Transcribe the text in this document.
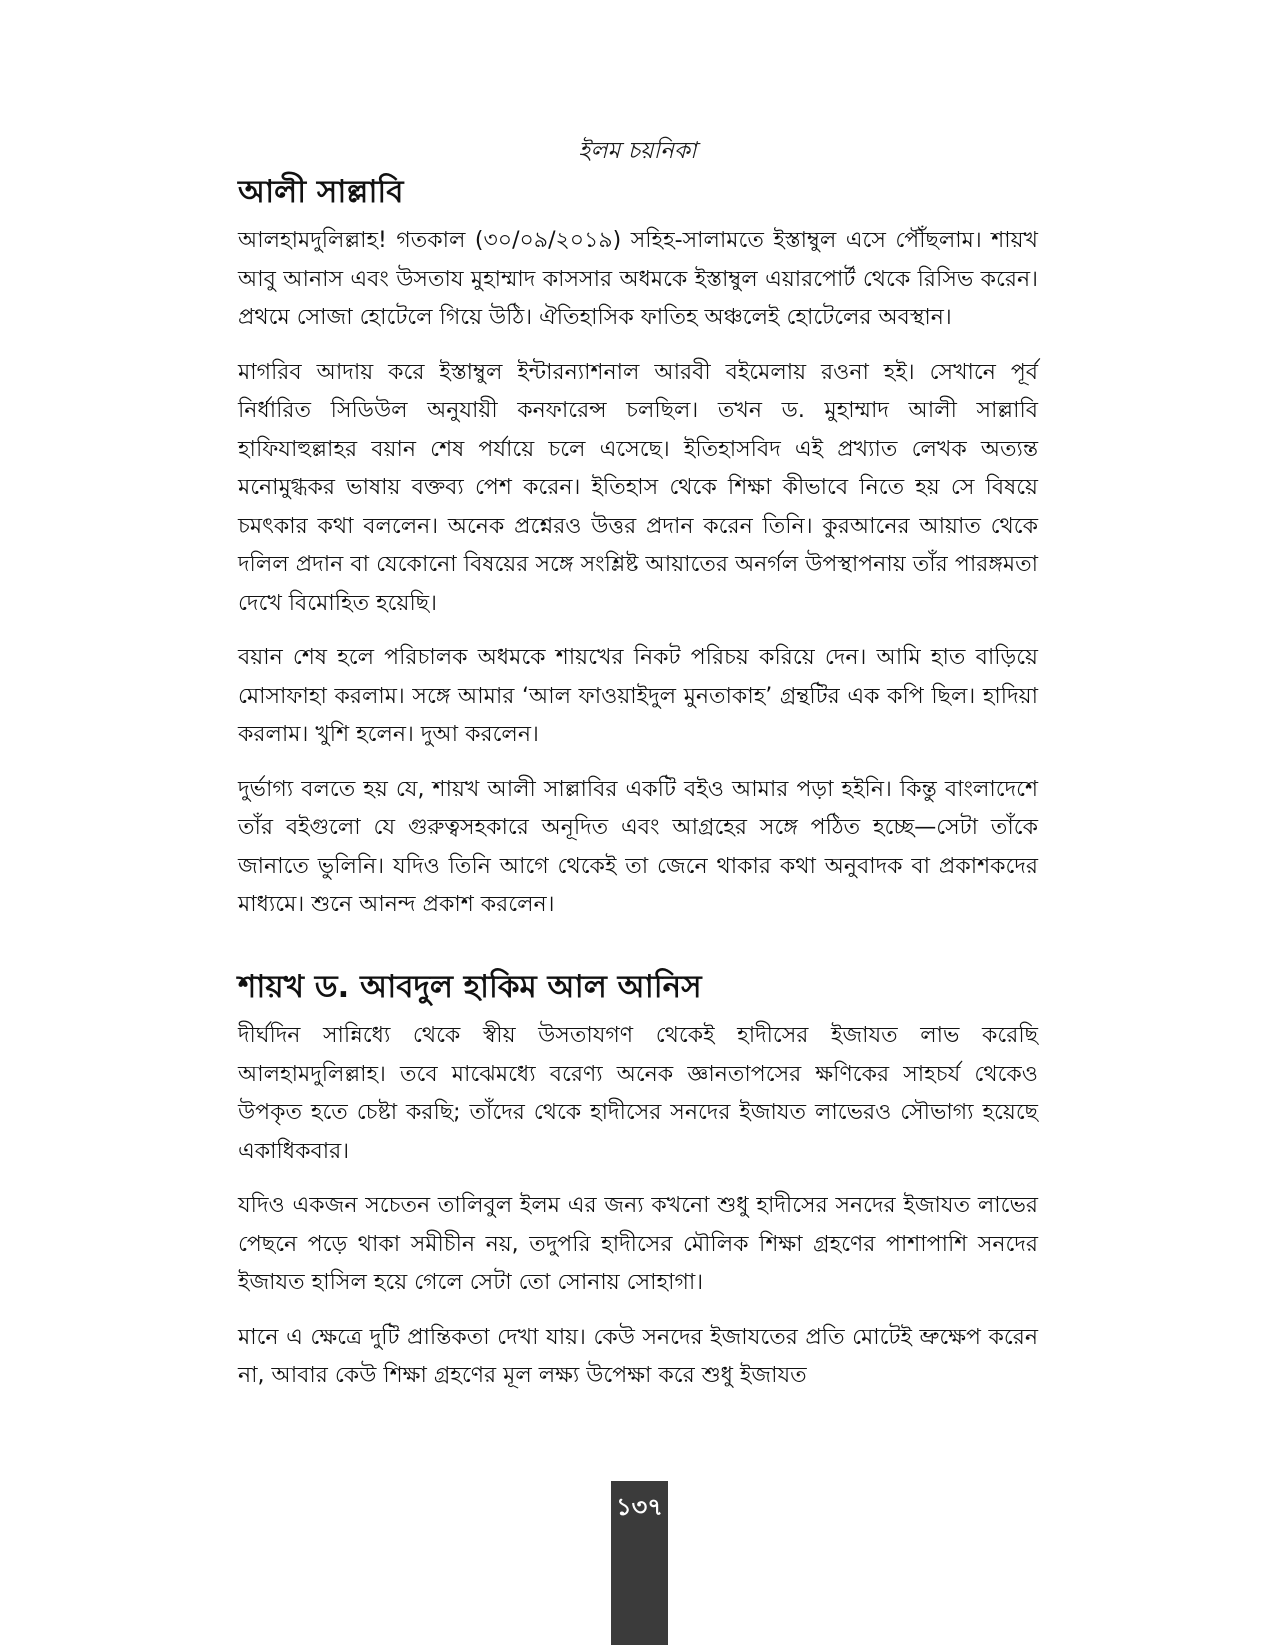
ইলম চয়নিকা
আলী সাল্লাবি

আলহামদুলিল্লাহ! গতকাল (৩০/০৯/২০১৯) সহিহ-সালামতে ইস্তাম্বুল এসে পৌঁছলাম। শায়খ আবু আনাস এবং উসতায মুহাম্মাদ কাসসার অধমকে ইস্তাম্বুল এয়ারপোর্ট থেকে রিসিভ করেন। প্রথমে সোজা হোটেলে গিয়ে উঠি। ঐতিহাসিক ফাতিহ অঞ্চলেই হোটেলের অবস্থান।

মাগরিব আদায় করে ইস্তাম্বুল ইন্টারন্যাশনাল আরবী বইমেলায় রওনা হই। সেখানে পূর্ব নির্ধারিত সিডিউল অনুযায়ী কনফারেন্স চলছিল। তখন ড. মুহাম্মাদ আলী সাল্লাবি হাফিযাহুল্লাহর বয়ান শেষ পর্যায়ে চলে এসেছে। ইতিহাসবিদ এই প্রখ্যাত লেখক অত্যন্ত মনোমুগ্ধকর ভাষায় বক্তব্য পেশ করেন। ইতিহাস থেকে শিক্ষা কীভাবে নিতে হয় সে বিষয়ে চমৎকার কথা বললেন। অনেক প্রশ্নেরও উত্তর প্রদান করেন তিনি। কুরআনের আয়াত থেকে দলিল প্রদান বা যেকোনো বিষয়ের সঙ্গে সংশ্লিষ্ট আয়াতের অনর্গল উপস্থাপনায় তাঁর পারঙ্গমতা দেখে বিমোহিত হয়েছি।

বয়ান শেষ হলে পরিচালক অধমকে শায়খের নিকট পরিচয় করিয়ে দেন। আমি হাত বাড়িয়ে মোসাফাহা করলাম। সঙ্গে আমার ‘আল ফাওয়াইদুল মুনতাকাহ’ গ্রন্থটির এক কপি ছিল। হাদিয়া করলাম। খুশি হলেন। দুআ করলেন।

দুর্ভাগ্য বলতে হয় যে, শায়খ আলী সাল্লাবির একটি বইও আমার পড়া হইনি। কিন্তু বাংলাদেশে তাঁর বইগুলো যে গুরুত্বসহকারে অনূদিত এবং আগ্রহের সঙ্গে পঠিত হচ্ছে—সেটা তাঁকে জানাতে ভুলিনি। যদিও তিনি আগে থেকেই তা জেনে থাকার কথা অনুবাদক বা প্রকাশকদের মাধ্যমে। শুনে আনন্দ প্রকাশ করলেন।

শায়খ ড. আবদুল হাকিম আল আনিস

দীর্ঘদিন সান্নিধ্যে থেকে স্বীয় উসতাযগণ থেকেই হাদীসের ইজাযত লাভ করেছি আলহামদুলিল্লাহ। তবে মাঝেমধ্যে বরেণ্য অনেক জ্ঞানতাপসের ক্ষণিকের সাহচর্য থেকেও উপকৃত হতে চেষ্টা করছি; তাঁদের থেকে হাদীসের সনদের ইজাযত লাভেরও সৌভাগ্য হয়েছে একাধিকবার।

যদিও একজন সচেতন তালিবুল ইলম এর জন্য কখনো শুধু হাদীসের সনদের ইজাযত লাভের পেছনে পড়ে থাকা সমীচীন নয়, তদুপরি হাদীসের মৌলিক শিক্ষা গ্রহণের পাশাপাশি সনদের ইজাযত হাসিল হয়ে গেলে সেটা তো সোনায় সোহাগা।

মানে এ ক্ষেত্রে দুটি প্রান্তিকতা দেখা যায়। কেউ সনদের ইজাযতের প্রতি মোটেই ভ্রুক্ষেপ করেন না, আবার কেউ শিক্ষা গ্রহণের মূল লক্ষ্য উপেক্ষা করে শুধু ইজাযত

১৩৭
